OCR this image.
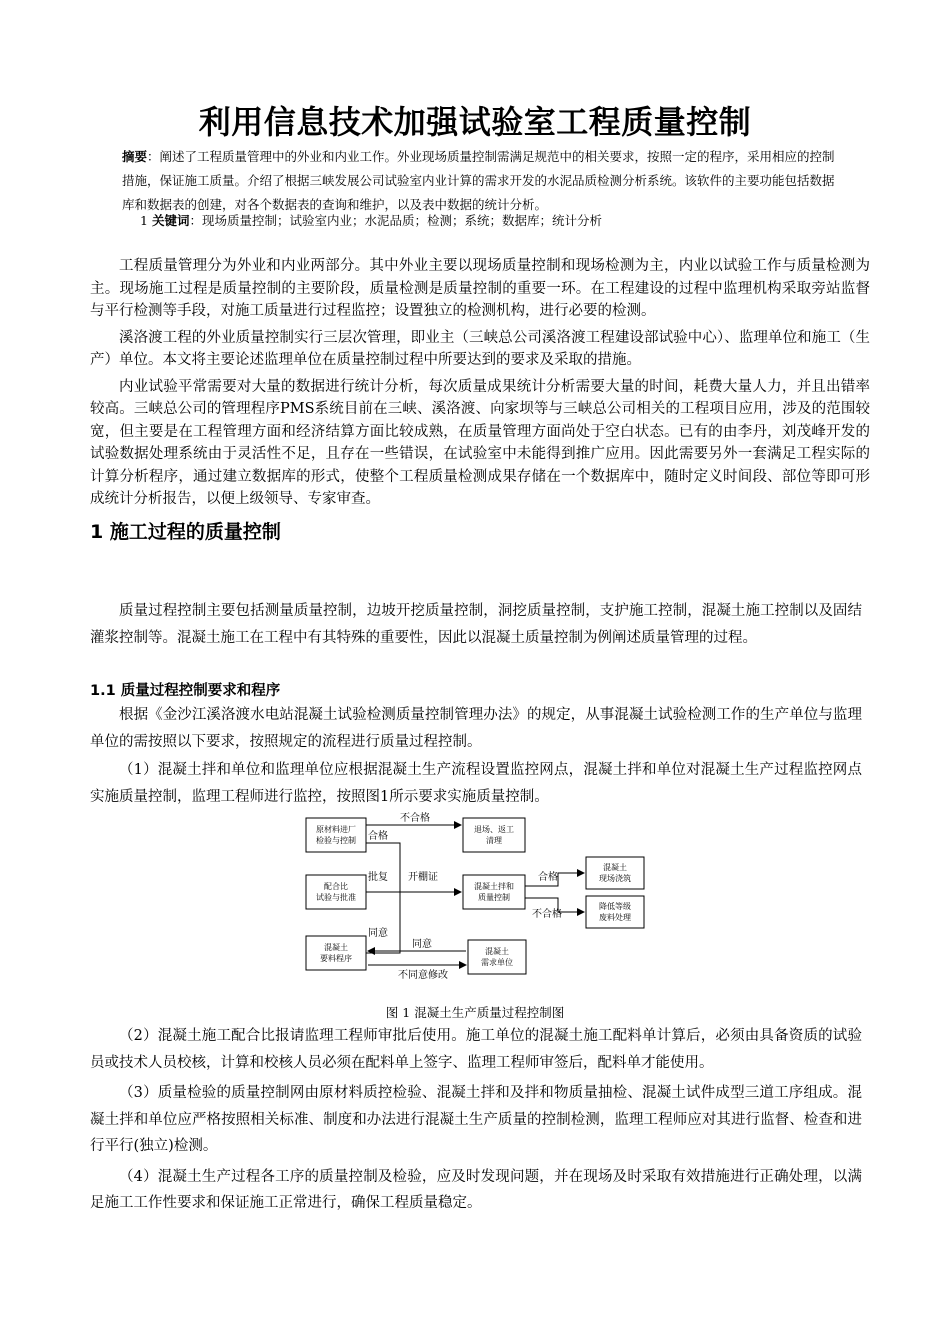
利用信息技术加强试验室工程质量控制
摘要：阐述了工程质量管理中的外业和内业工作。外业现场质量控制需满足规范中的相关要求，按照一定的程序，采用相应的控制措施，保证施工质量。介绍了根据三峡发展公司试验室内业计算的需求开发的水泥品质检测分析系统。该软件的主要功能包括数据库和数据表的创建，对各个数据表的查询和维护，以及表中数据的统计分析。
1 关键词：现场质量控制；试验室内业；水泥品质；检测；系统；数据库；统计分析

工程质量管理分为外业和内业两部分。其中外业主要以现场质量控制和现场检测为主，内业以试验工作与质量检测为主。现场施工过程是质量控制的主要阶段，质量检测是质量控制的重要一环。在工程建设的过程中监理机构采取旁站监督与平行检测等手段，对施工质量进行过程监控；设置独立的检测机构，进行必要的检测。

溪洛渡工程的外业质量控制实行三层次管理，即业主（三峡总公司溪洛渡工程建设部试验中心）、监理单位和施工（生产）单位。本文将主要论述监理单位在质量控制过程中所要达到的要求及采取的措施。

内业试验平常需要对大量的数据进行统计分析，每次质量成果统计分析需要大量的时间，耗费大量人力，并且出错率较高。三峡总公司的管理程序PMS系统目前在三峡、溪洛渡、向家坝等与三峡总公司相关的工程项目应用，涉及的范围较宽，但主要是在工程管理方面和经济结算方面比较成熟，在质量管理方面尚处于空白状态。已有的由李丹，刘茂峰开发的试验数据处理系统由于灵活性不足，且存在一些错误，在试验室中未能得到推广应用。因此需要另外一套满足工程实际的计算分析程序，通过建立数据库的形式，使整个工程质量检测成果存储在一个数据库中，随时定义时间段、部位等即可形成统计分析报告，以便上级领导、专家审查。

1 施工过程的质量控制

质量过程控制主要包括测量质量控制，边坡开挖质量控制，洞挖质量控制，支护施工控制，混凝土施工控制以及固结灌浆控制等。混凝土施工在工程中有其特殊的重要性，因此以混凝土质量控制为例阐述质量管理的过程。

1.1 质量过程控制要求和程序

根据《金沙江溪洛渡水电站混凝土试验检测质量控制管理办法》的规定，从事混凝土试验检测工作的生产单位与监理单位的需按照以下要求，按照规定的流程进行质量过程控制。

（1）混凝土拌和单位和监理单位应根据混凝土生产流程设置监控网点，混凝土拌和单位对混凝土生产过程监控网点实施质量控制，监理工程师进行监控，按照图1所示要求实施质量控制。

原材料进厂
检验与控制
退场、返工
清理
配合比
试验与批准
混凝土拌和
质量控制
混凝土
现场浇筑
降低等级
废料处理
混凝土
要料程序
混凝土
需求单位
不合格
合格
批复 开棚证	合格
不合格
同意
同意
不同意修改
图 1 混凝土生产质量过程控制图

（2）混凝土施工配合比报请监理工程师审批后使用。施工单位的混凝土施工配料单计算后，必须由具备资质的试验员或技术人员校核，计算和校核人员必须在配料单上签字、监理工程师审签后，配料单才能使用。

（3）质量检验的质量控制网由原材料质控检验、混凝土拌和及拌和物质量抽检、混凝土试件成型三道工序组成。混凝土拌和单位应严格按照相关标准、制度和办法进行混凝土生产质量的控制检测，监理工程师应对其进行监督、检查和进行平行(独立)检测。

（4）混凝土生产过程各工序的质量控制及检验，应及时发现问题，并在现场及时采取有效措施进行正确处理，以满足施工工作性要求和保证施工正常进行，确保工程质量稳定。
